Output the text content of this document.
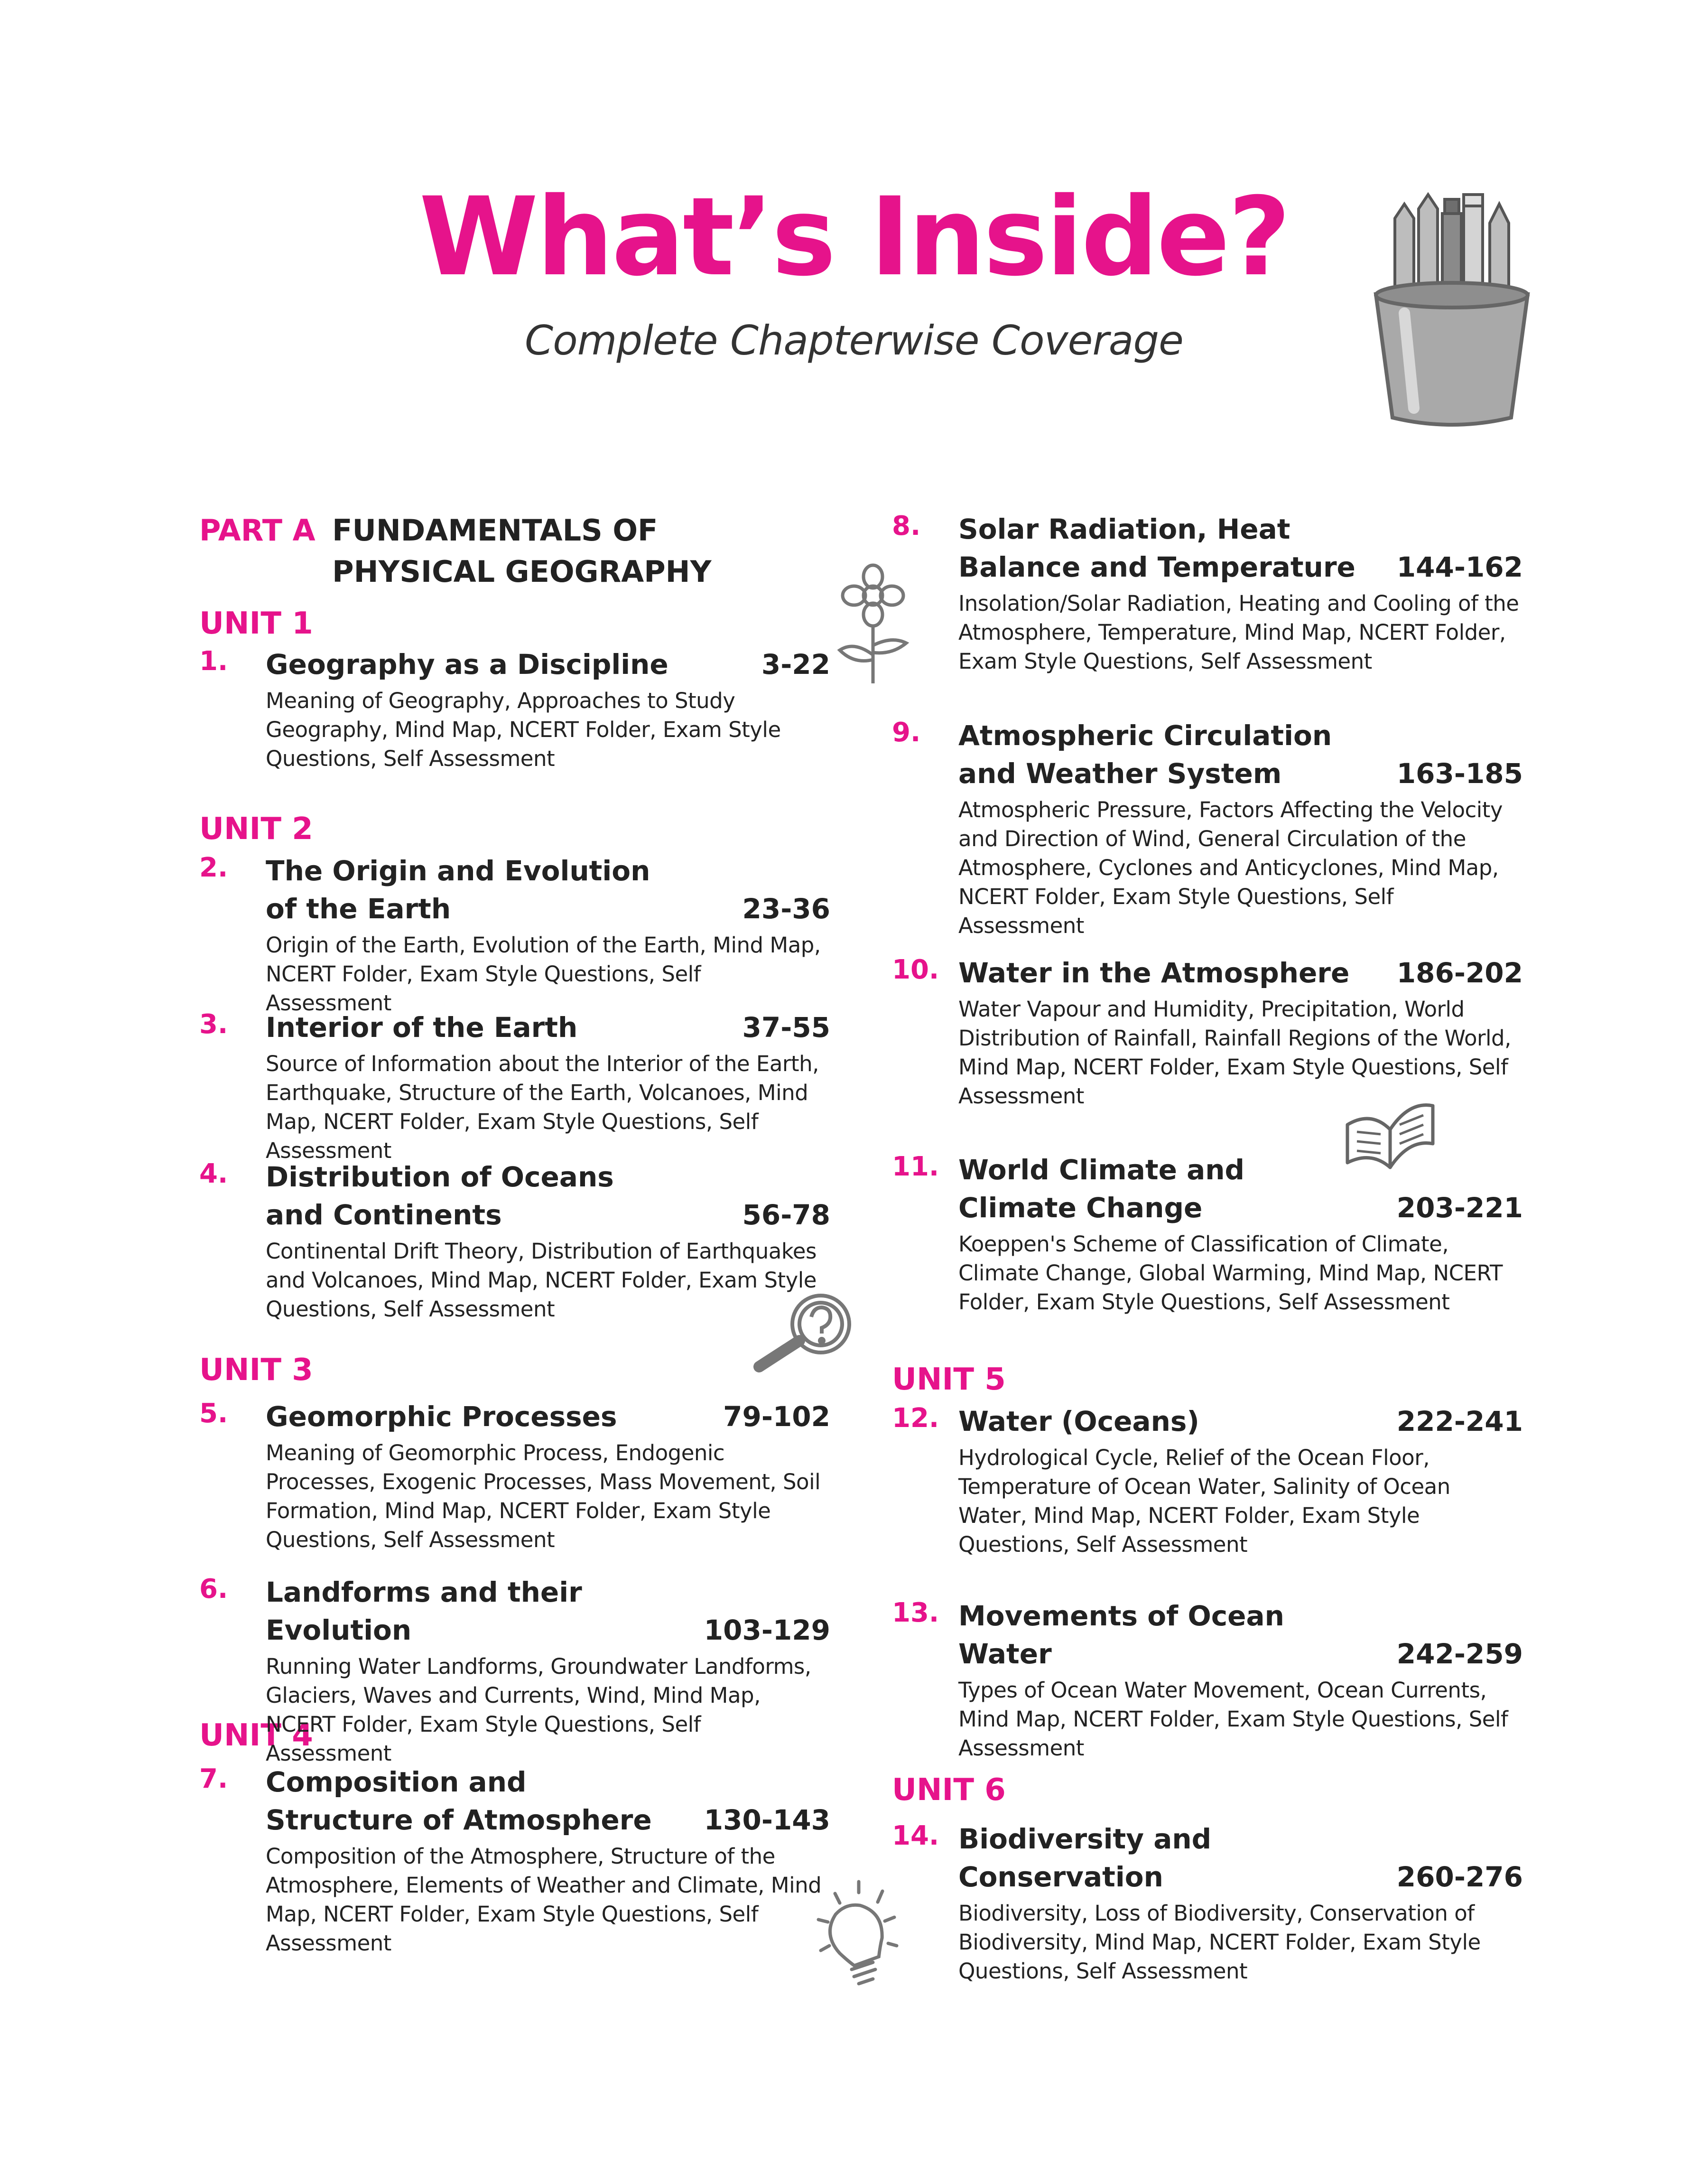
What’s Inside?
Complete Chapterwise Coverage
PART A FUNDAMENTALS OF PHYSICAL GEOGRAPHY
UNIT 1
UNIT 2
UNIT 3
UNIT 4
UNIT 5
UNIT 6
1. Geography as a Discipline	3-22
Meaning of Geography, Approaches to Study Geography, Mind Map, NCERT Folder, Exam Style Questions, Self Assessment
2. The Origin and Evolution of the Earth	23-36
Origin of the Earth, Evolution of the Earth, Mind Map, NCERT Folder, Exam Style Questions, Self Assessment
3. Interior of the Earth	37-55
Source of Information about the Interior of the Earth, Earthquake, Structure of the Earth, Volcanoes, Mind Map, NCERT Folder, Exam Style Questions, Self Assessment
4. Distribution of Oceans and Continents	56-78
Continental Drift Theory, Distribution of Earthquakes and Volcanoes, Mind Map, NCERT Folder, Exam Style Questions, Self Assessment
5. Geomorphic Processes	79-102
Meaning of Geomorphic Process, Endogenic Processes, Exogenic Processes, Mass Movement, Soil Formation, Mind Map, NCERT Folder, Exam Style Questions, Self Assessment
6. Landforms and their Evolution	103-129
Running Water Landforms, Groundwater Landforms, Glaciers, Waves and Currents, Wind, Mind Map, NCERT Folder, Exam Style Questions, Self Assessment
7. Composition and Structure of Atmosphere 130-143
Composition of the Atmosphere, Structure of the Atmosphere, Elements of Weather and Climate, Mind Map, NCERT Folder, Exam Style Questions, Self Assessment
8. Solar Radiation, Heat Balance and Temperature 144-162
Insolation/Solar Radiation, Heating and Cooling of the Atmosphere, Temperature, Mind Map, NCERT Folder, Exam Style Questions, Self Assessment
9. Atmospheric Circulation and Weather System	163-185
Atmospheric Pressure, Factors Affecting the Velocity and Direction of Wind, General Circulation of the Atmosphere, Cyclones and Anticyclones, Mind Map, NCERT Folder, Exam Style Questions, Self Assessment
10. Water in the Atmosphere 186-202
Water Vapour and Humidity, Precipitation, World Distribution of Rainfall, Rainfall Regions of the World, Mind Map, NCERT Folder, Exam Style Questions, Self Assessment
11. World Climate and Climate Change	203-221
Koeppen's Scheme of Classification of Climate, Climate Change, Global Warming, Mind Map, NCERT Folder, Exam Style Questions, Self Assessment
12. Water (Oceans)	222-241
Hydrological Cycle, Relief of the Ocean Floor, Temperature of Ocean Water, Salinity of Ocean Water, Mind Map, NCERT Folder, Exam Style Questions, Self Assessment
13. Movements of Ocean Water	242-259
Types of Ocean Water Movement, Ocean Currents, Mind Map, NCERT Folder, Exam Style Questions, Self Assessment
14. Biodiversity and Conservation	260-276
Biodiversity, Loss of Biodiversity, Conservation of Biodiversity, Mind Map, NCERT Folder, Exam Style Questions, Self Assessment
